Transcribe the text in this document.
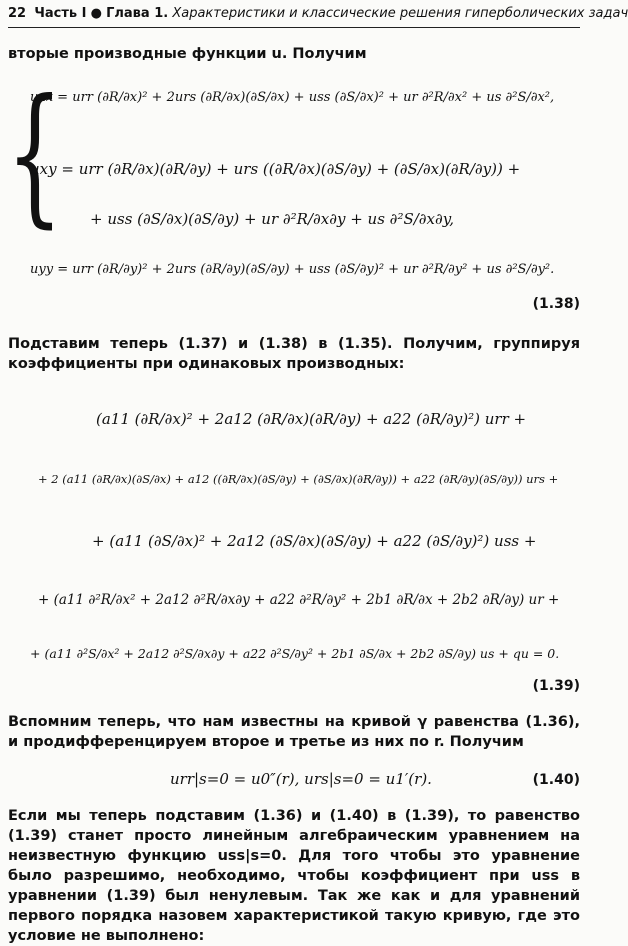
22 Часть I ● Глава 1. Характеристики и классические решения гиперболических задач
вторые производные функции u. Получим
{
uxx = urr (∂R/∂x)² + 2urs (∂R/∂x)(∂S/∂x) + uss (∂S/∂x)² + ur ∂²R/∂x² + us ∂²S/∂x²,
uxy = urr (∂R/∂x)(∂R/∂y) + urs ((∂R/∂x)(∂S/∂y) + (∂S/∂x)(∂R/∂y)) +
+ uss (∂S/∂x)(∂S/∂y) + ur ∂²R/∂x∂y + us ∂²S/∂x∂y,
uyy = urr (∂R/∂y)² + 2urs (∂R/∂y)(∂S/∂y) + uss (∂S/∂y)² + ur ∂²R/∂y² + us ∂²S/∂y².
(1.38)
Подставим теперь (1.37) и (1.38) в (1.35). Получим, группируя коэффициенты при одинаковых производных:
(a11 (∂R/∂x)² + 2a12 (∂R/∂x)(∂R/∂y) + a22 (∂R/∂y)²) urr +
+ 2 (a11 (∂R/∂x)(∂S/∂x) + a12 ((∂R/∂x)(∂S/∂y) + (∂S/∂x)(∂R/∂y)) + a22 (∂R/∂y)(∂S/∂y)) urs +
+ (a11 (∂S/∂x)² + 2a12 (∂S/∂x)(∂S/∂y) + a22 (∂S/∂y)²) uss +
+ (a11 ∂²R/∂x² + 2a12 ∂²R/∂x∂y + a22 ∂²R/∂y² + 2b1 ∂R/∂x + 2b2 ∂R/∂y) ur +
+ (a11 ∂²S/∂x² + 2a12 ∂²S/∂x∂y + a22 ∂²S/∂y² + 2b1 ∂S/∂x + 2b2 ∂S/∂y) us + qu = 0.
(1.39)
Вспомним теперь, что нам известны на кривой γ равенства (1.36), и продифференцируем второе и третье из них по r. Получим
urr|s=0 = u0″(r), urs|s=0 = u1′(r).	(1.40)
Если мы теперь подставим (1.36) и (1.40) в (1.39), то равенство (1.39) станет просто линейным алгебраическим уравнением на неизвестную функцию uss|s=0. Для того чтобы это уравнение было разрешимо, необходимо, чтобы коэффициент при uss в уравнении (1.39) был ненулевым. Так же как и для уравнений первого порядка назовем характеристикой такую кривую, где это условие не выполнено:
